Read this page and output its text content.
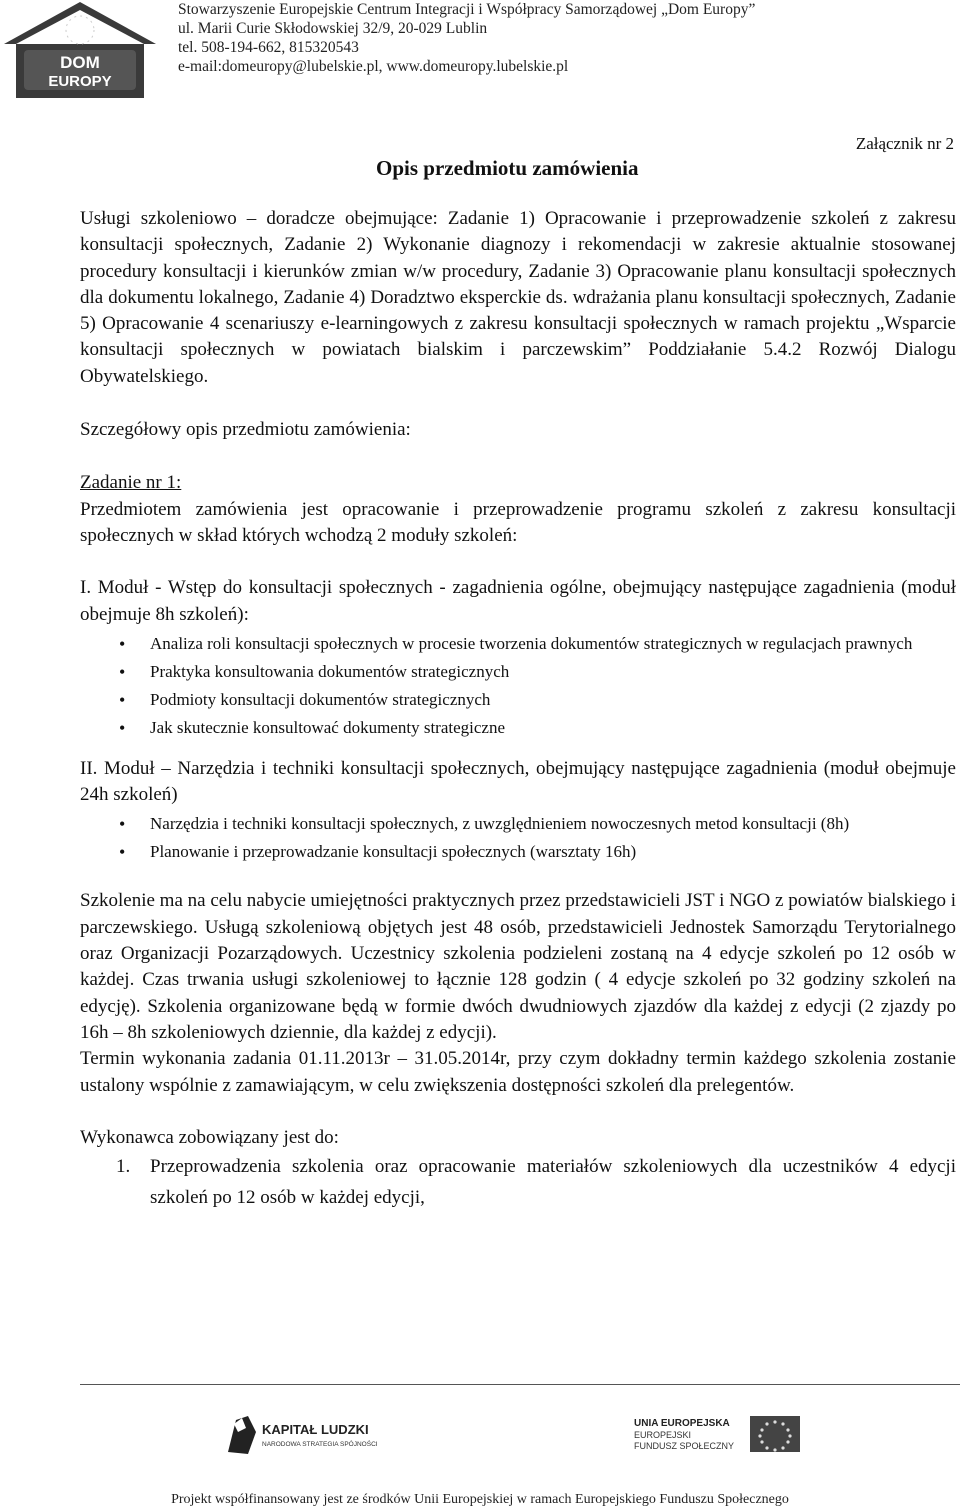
DOM
EUROPY
Stowarzyszenie Europejskie Centrum Integracji i Współpracy Samorządowej „Dom Europy”
ul. Marii Curie Skłodowskiej 32/9, 20-029 Lublin
tel. 508-194-662, 815320543
e-mail:domeuropy@lubelskie.pl, www.domeuropy.lubelskie.pl
Załącznik nr 2
Opis przedmiotu zamówienia

Usługi szkoleniowo – doradcze obejmujące: Zadanie 1) Opracowanie i przeprowadzenie szkoleń z zakresu konsultacji społecznych, Zadanie 2) Wykonanie diagnozy i rekomendacji w zakresie aktualnie stosowanej procedury konsultacji i kierunków zmian w/w procedury, Zadanie 3) Opracowanie planu konsultacji społecznych dla dokumentu lokalnego, Zadanie 4) Doradztwo eksperckie ds. wdrażania planu konsultacji społecznych, Zadanie 5) Opracowanie 4 scenariuszy e-learningowych z zakresu konsultacji społecznych w ramach projektu „Wsparcie konsultacji społecznych w powiatach bialskim i parczewskim” Poddziałanie 5.4.2 Rozwój Dialogu Obywatelskiego.

Szczegółowy opis przedmiotu zamówienia:

Zadanie nr 1:

Przedmiotem zamówienia jest opracowanie i przeprowadzenie programu szkoleń z zakresu konsultacji społecznych w skład których wchodzą 2 moduły szkoleń:

I. Moduł - Wstęp do konsultacji społecznych - zagadnienia ogólne, obejmujący następujące zagadnienia (moduł obejmuje 8h szkoleń):

• Analiza roli konsultacji społecznych w procesie tworzenia dokumentów strategicznych w regulacjach prawnych
• Praktyka konsultowania dokumentów strategicznych
• Podmioty konsultacji dokumentów strategicznych
• Jak skutecznie konsultować dokumenty strategiczne

II. Moduł – Narzędzia i techniki konsultacji społecznych, obejmujący następujące zagadnienia (moduł obejmuje 24h szkoleń)

• Narzędzia i techniki konsultacji społecznych, z uwzględnieniem nowoczesnych metod konsultacji (8h)
• Planowanie i przeprowadzanie konsultacji społecznych (warsztaty 16h)

Szkolenie ma na celu nabycie umiejętności praktycznych przez przedstawicieli JST i NGO z powiatów bialskiego i parczewskiego. Usługą szkoleniową objętych jest 48 osób, przedstawicieli Jednostek Samorządu Terytorialnego oraz Organizacji Pozarządowych. Uczestnicy szkolenia podzieleni zostaną na 4 edycje szkoleń po 12 osób w każdej. Czas trwania usługi szkoleniowej to łącznie 128 godzin ( 4 edycje szkoleń po 32 godziny szkoleń na edycję). Szkolenia organizowane będą w formie dwóch dwudniowych zjazdów dla każdej z edycji (2 zjazdy po 16h – 8h szkoleniowych dziennie, dla każdej z edycji).

Termin wykonania zadania 01.11.2013r – 31.05.2014r, przy czym dokładny termin każdego szkolenia zostanie ustalony wspólnie z zamawiającym, w celu zwiększenia dostępności szkoleń dla prelegentów.

Wykonawca zobowiązany jest do:

1. Przeprowadzenia szkolenia oraz opracowanie materiałów szkoleniowych dla uczestników 4 edycji szkoleń po 12 osób w każdej edycji,
KAPITAŁ LUDZKI
NARODOWA STRATEGIA SPÓJNOŚCI
UNIA EUROPEJSKA
EUROPEJSKI
FUNDUSZ SPOŁECZNY
Projekt współfinansowany jest ze środków Unii Europejskiej w ramach Europejskiego Funduszu Społecznego
